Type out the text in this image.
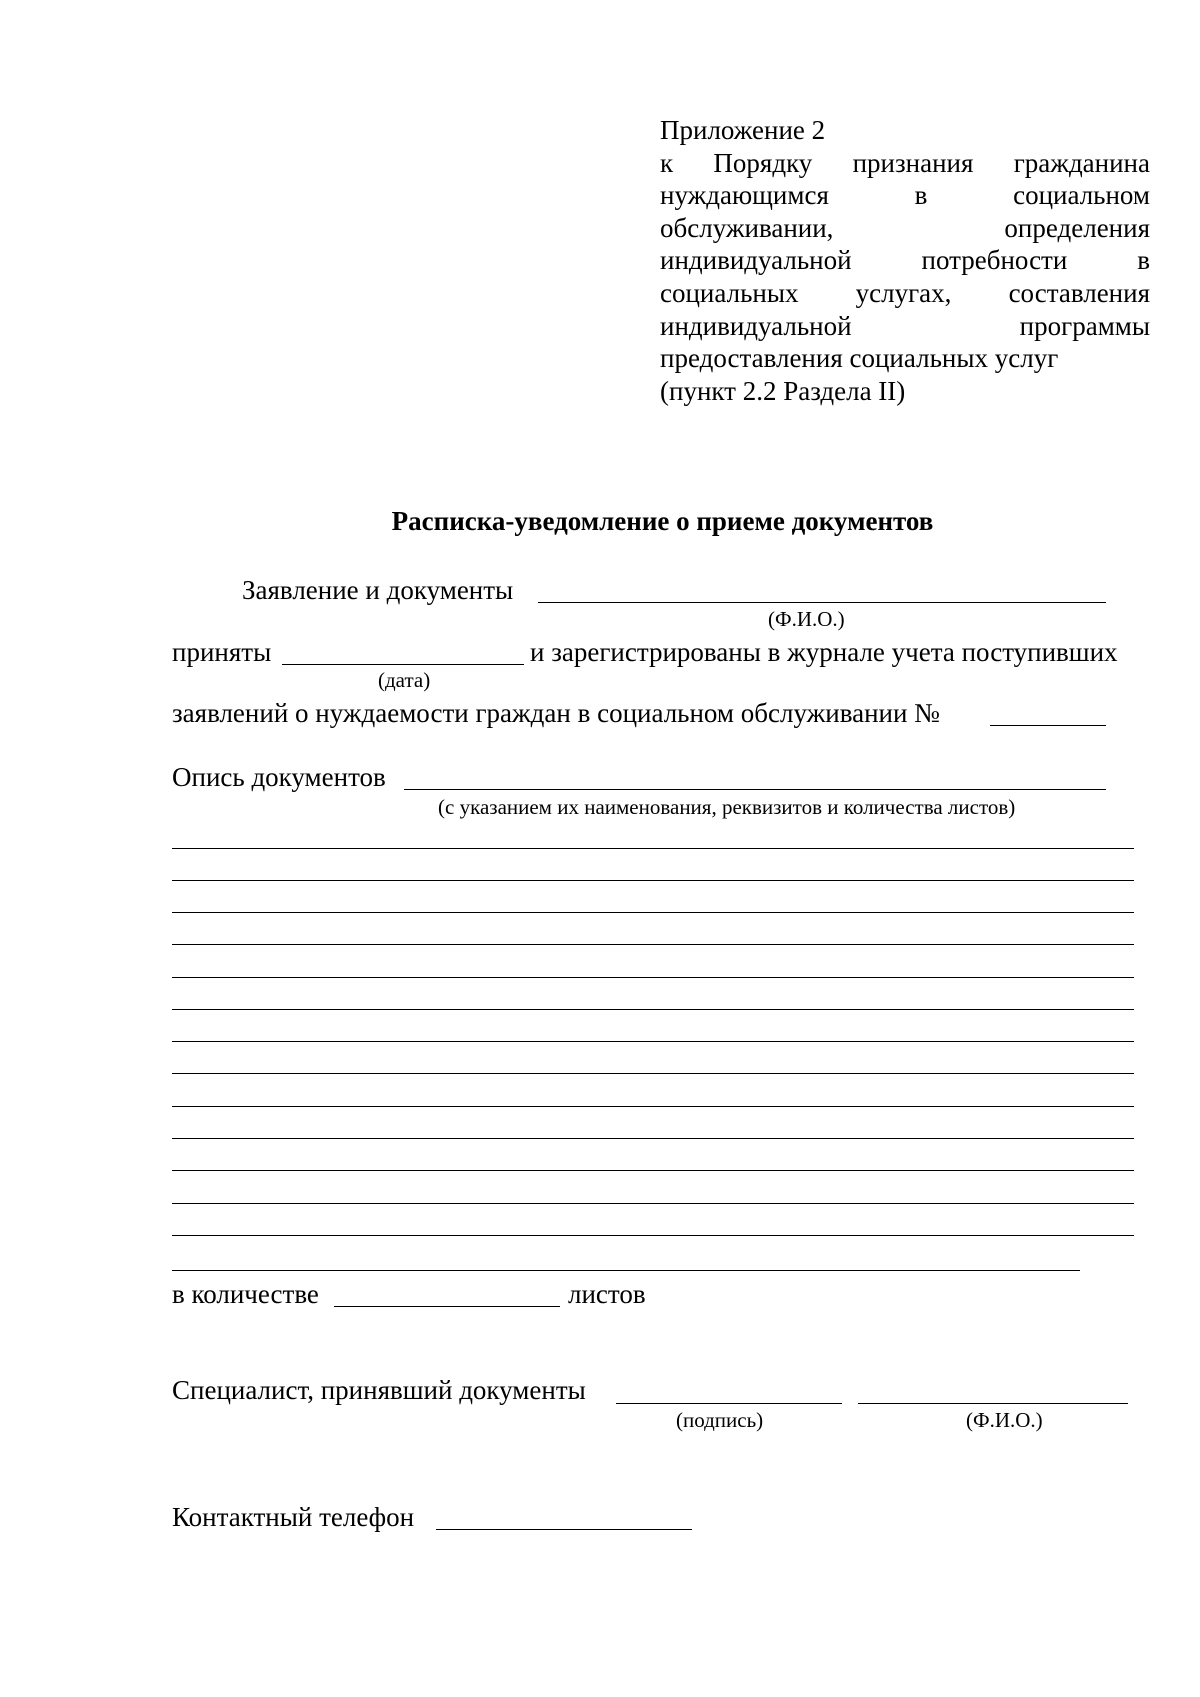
Приложение 2
к Порядку признания гражданина
нуждающимся в социальном
обслуживании, определения
индивидуальной потребности в
социальных услугах, составления
индивидуальной программы
предоставления социальных услуг
(пункт 2.2 Раздела II)
Расписка-уведомление о приеме документов
Заявление и документы
(Ф.И.О.)
приняты	и зарегистрированы в журнале учета поступивших
(дата)
заявлений о нуждаемости граждан в социальном обслуживании №
Опись документов
(с указанием их наименования, реквизитов и количества листов)
в количестве	листов
Специалист, принявший документы
(подпись)	(Ф.И.О.)
Контактный телефон
